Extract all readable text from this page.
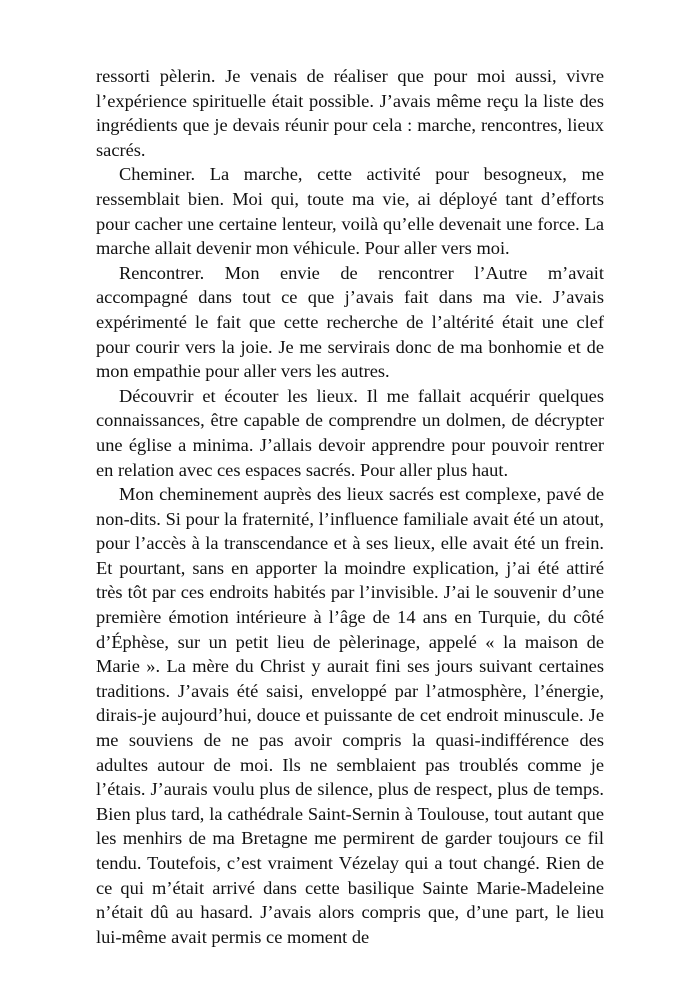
ressorti pèlerin. Je venais de réaliser que pour moi aussi, vivre l’expérience spirituelle était possible. J’avais même reçu la liste des ingrédients que je devais réunir pour cela : marche, rencontres, lieux sacrés.

Cheminer. La marche, cette activité pour besogneux, me ressemblait bien. Moi qui, toute ma vie, ai déployé tant d’efforts pour cacher une certaine lenteur, voilà qu’elle devenait une force. La marche allait devenir mon véhicule. Pour aller vers moi.

Rencontrer. Mon envie de rencontrer l’Autre m’avait accompagné dans tout ce que j’avais fait dans ma vie. J’avais expérimenté le fait que cette recherche de l’altérité était une clef pour courir vers la joie. Je me servirais donc de ma bonhomie et de mon empathie pour aller vers les autres.

Découvrir et écouter les lieux. Il me fallait acquérir quelques connaissances, être capable de comprendre un dolmen, de décrypter une église a minima. J’allais devoir apprendre pour pouvoir rentrer en relation avec ces espaces sacrés. Pour aller plus haut.

Mon cheminement auprès des lieux sacrés est complexe, pavé de non-dits. Si pour la fraternité, l’influence familiale avait été un atout, pour l’accès à la transcendance et à ses lieux, elle avait été un frein. Et pourtant, sans en apporter la moindre explication, j’ai été attiré très tôt par ces endroits habités par l’invisible. J’ai le souvenir d’une première émotion intérieure à l’âge de 14 ans en Turquie, du côté d’Éphèse, sur un petit lieu de pèlerinage, appelé « la maison de Marie ». La mère du Christ y aurait fini ses jours suivant certaines traditions. J’avais été saisi, enveloppé par l’atmosphère, l’énergie, dirais-je aujourd’hui, douce et puissante de cet endroit minuscule. Je me souviens de ne pas avoir compris la quasi-indifférence des adultes autour de moi. Ils ne semblaient pas troublés comme je l’étais. J’aurais voulu plus de silence, plus de respect, plus de temps. Bien plus tard, la cathédrale Saint-Sernin à Toulouse, tout autant que les menhirs de ma Bretagne me permirent de garder toujours ce fil tendu. Toutefois, c’est vraiment Vézelay qui a tout changé. Rien de ce qui m’était arrivé dans cette basilique Sainte Marie-Madeleine n’était dû au hasard. J’avais alors compris que, d’une part, le lieu lui-même avait permis ce moment de
